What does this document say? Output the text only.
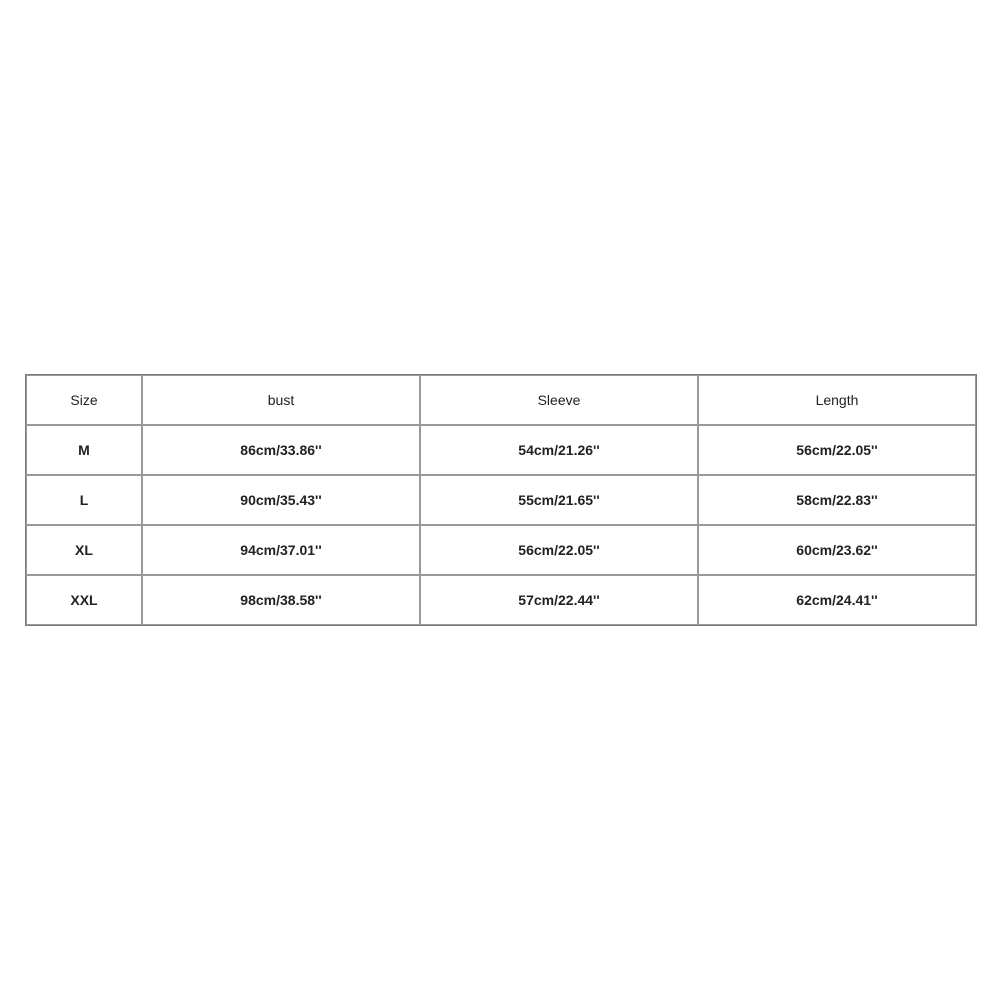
Size	bust	Sleeve	Length
M	86cm/33.86''	54cm/21.26''	56cm/22.05''
L	90cm/35.43''	55cm/21.65''	58cm/22.83''
XL	94cm/37.01''	56cm/22.05''	60cm/23.62''
XXL	98cm/38.58''	57cm/22.44''	62cm/24.41''
